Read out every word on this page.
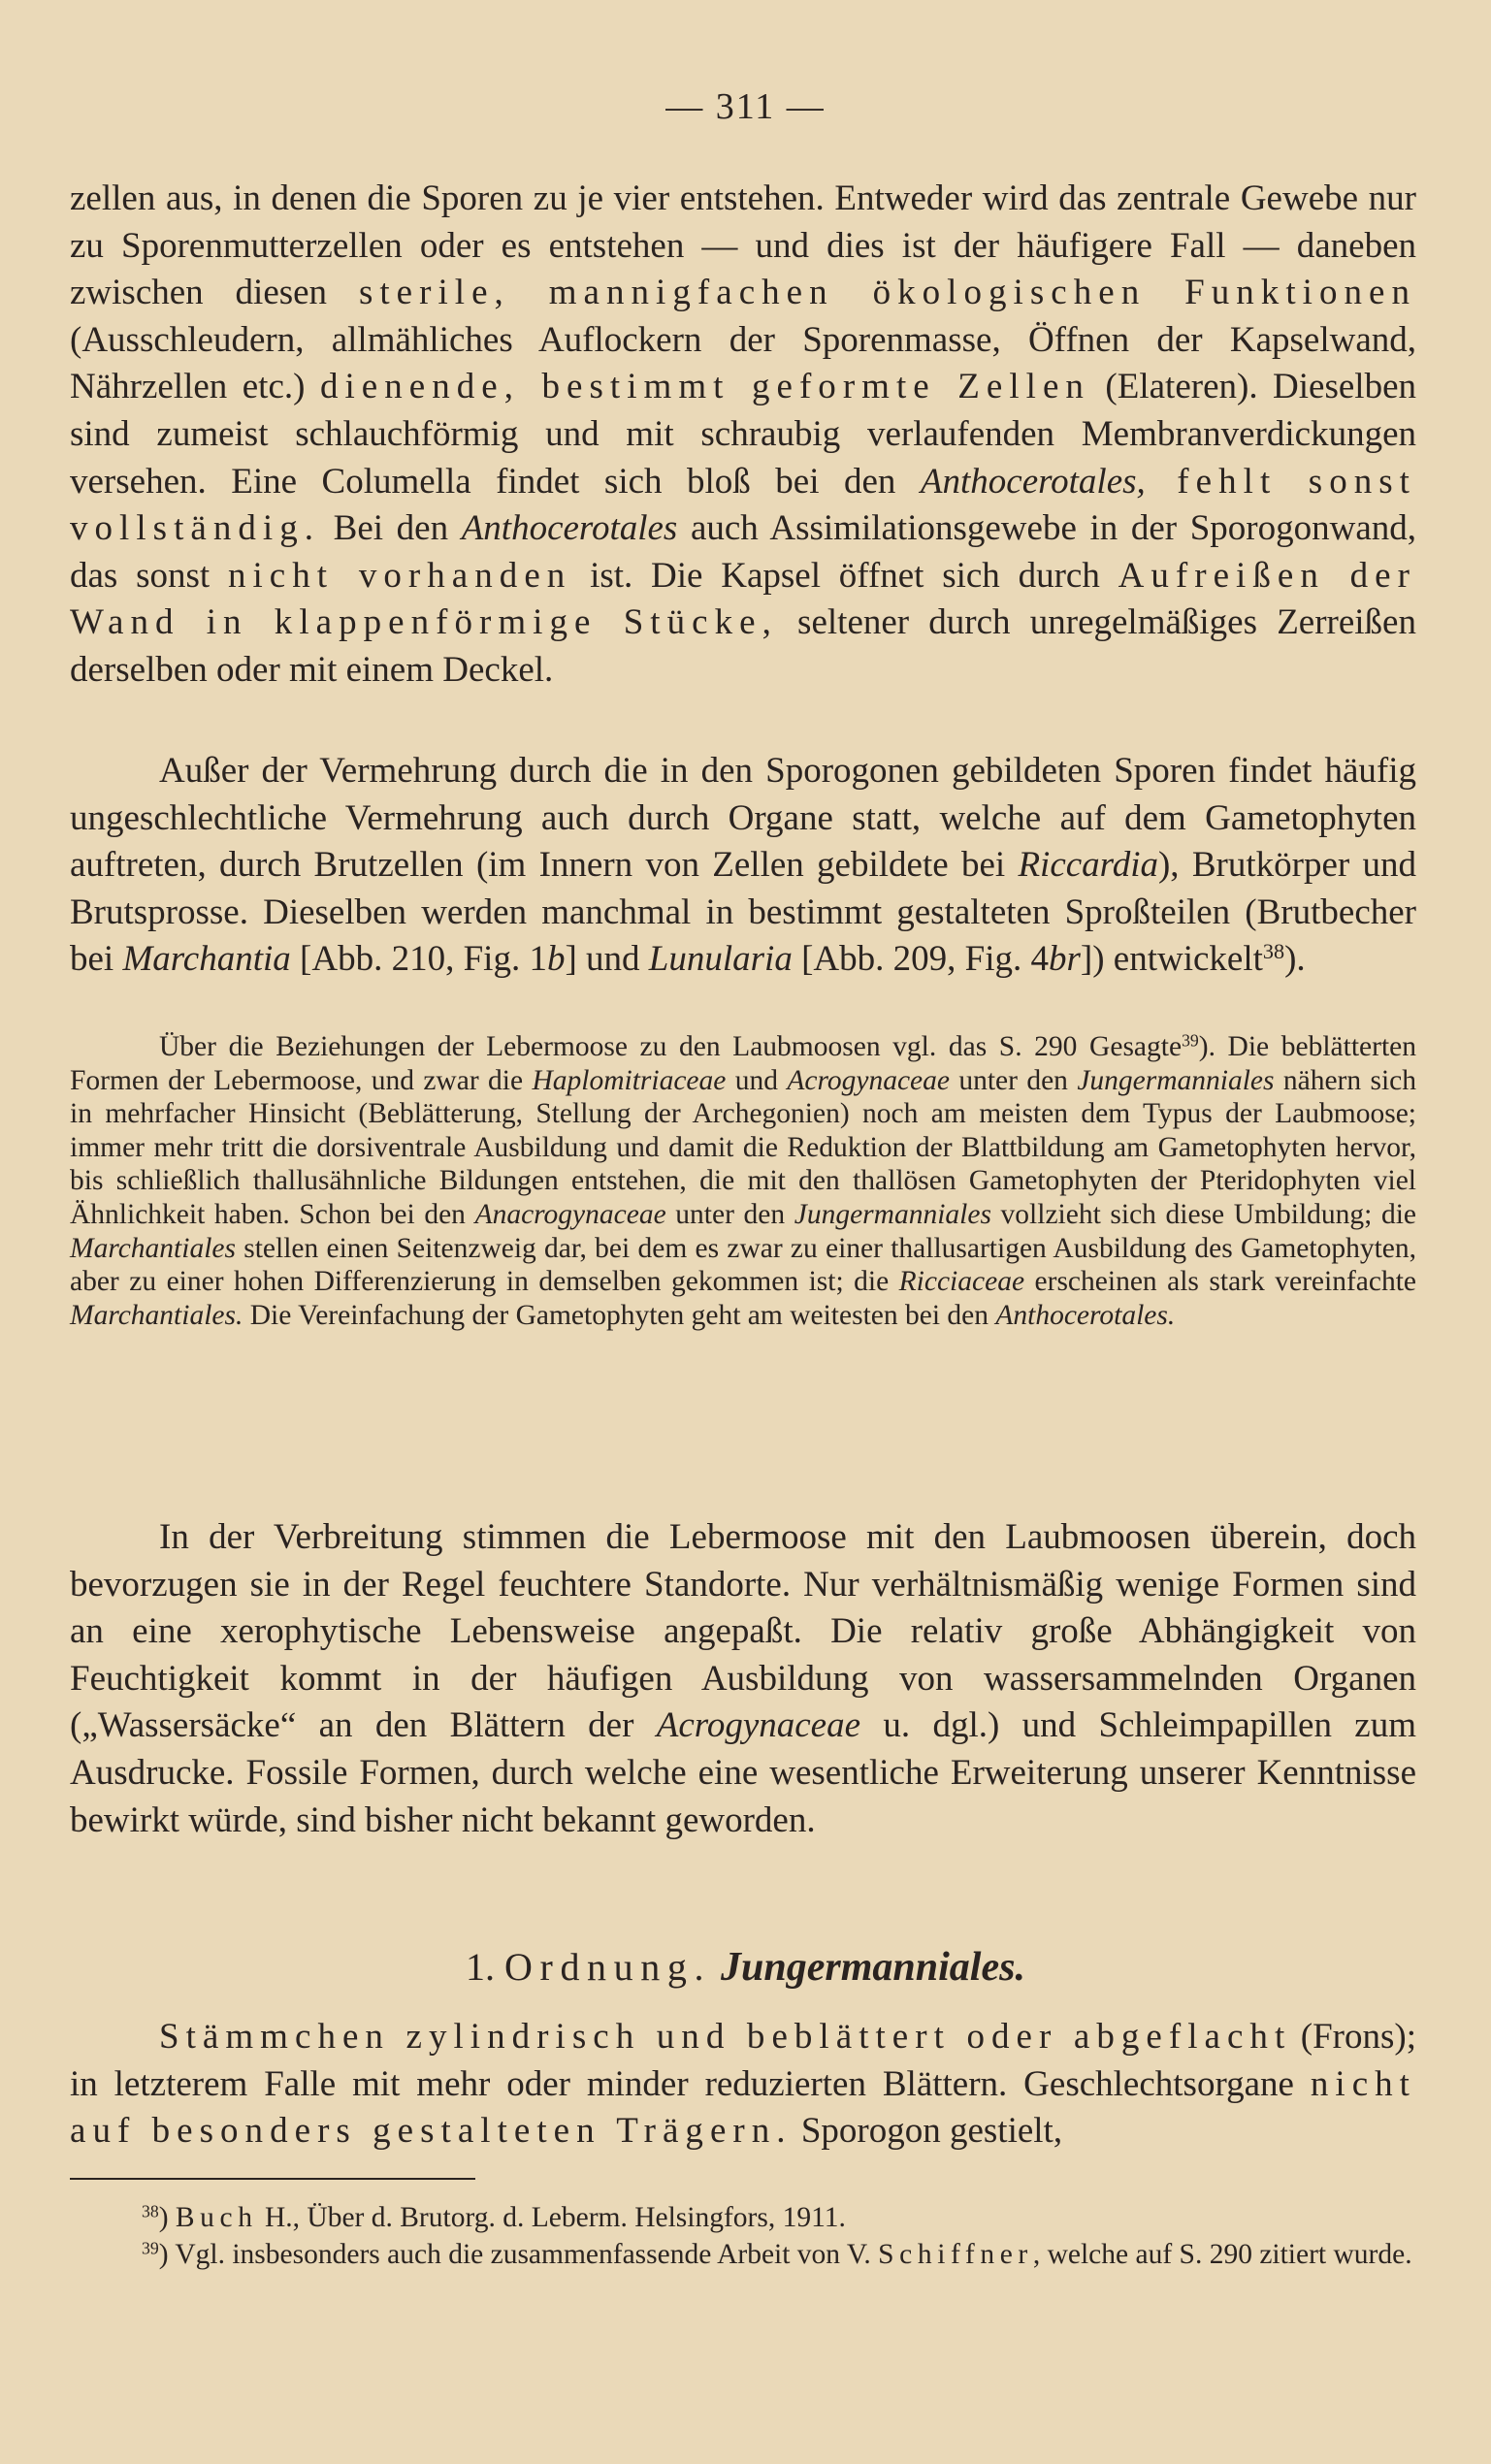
— 311 —

zellen aus, in denen die Sporen zu je vier entstehen. Entweder wird das zentrale Gewebe nur zu Sporenmutterzellen oder es entstehen — und dies ist der häufigere Fall — daneben zwischen diesen sterile, mannigfachen ökologischen Funktionen (Ausschleudern, allmähliches Auflockern der Sporenmasse, Öffnen der Kapselwand, Nährzellen etc.) dienende, bestimmt geformte Zellen (Elateren). Dieselben sind zumeist schlauchförmig und mit schraubig verlaufenden Membranverdickungen versehen. Eine Columella findet sich bloß bei den Anthocerotales, fehlt sonst vollständig. Bei den Anthocerotales auch Assimilationsgewebe in der Sporogonwand, das sonst nicht vorhanden ist. Die Kapsel öffnet sich durch Aufreißen der Wand in klappenförmige Stücke, seltener durch unregelmäßiges Zerreißen derselben oder mit einem Deckel.

Außer der Vermehrung durch die in den Sporogonen gebildeten Sporen findet häufig ungeschlechtliche Vermehrung auch durch Organe statt, welche auf dem Gametophyten auftreten, durch Brutzellen (im Innern von Zellen gebildete bei Riccardia), Brutkörper und Brutsprosse. Dieselben werden manchmal in bestimmt gestalteten Sproßteilen (Brutbecher bei Marchantia [Abb. 210, Fig. 1b] und Lunularia [Abb. 209, Fig. 4br]) entwickelt$^{38}$).

Über die Beziehungen der Lebermoose zu den Laubmoosen vgl. das S. 290 Gesagte$^{39}$). Die beblätterten Formen der Lebermoose, und zwar die Haplomitriaceae und Acrogynaceae unter den Jungermanniales nähern sich in mehrfacher Hinsicht (Beblätterung, Stellung der Archegonien) noch am meisten dem Typus der Laubmoose; immer mehr tritt die dorsiventrale Ausbildung und damit die Reduktion der Blattbildung am Gametophyten hervor, bis schließlich thallusähnliche Bildungen entstehen, die mit den thallösen Gametophyten der Pteridophyten viel Ähnlichkeit haben. Schon bei den Anacrogynaceae unter den Jungermanniales vollzieht sich diese Umbildung; die Marchantiales stellen einen Seitenzweig dar, bei dem es zwar zu einer thallusartigen Ausbildung des Gametophyten, aber zu einer hohen Differenzierung in demselben gekommen ist; die Ricciaceae erscheinen als stark vereinfachte Marchantiales. Die Vereinfachung der Gametophyten geht am weitesten bei den Anthocerotales.

In der Verbreitung stimmen die Lebermoose mit den Laubmoosen überein, doch bevorzugen sie in der Regel feuchtere Standorte. Nur verhältnismäßig wenige Formen sind an eine xerophytische Lebensweise angepaßt. Die relativ große Abhängigkeit von Feuchtigkeit kommt in der häufigen Ausbildung von wassersammelnden Organen („Wassersäcke“ an den Blättern der Acrogynaceae u. dgl.) und Schleimpapillen zum Ausdrucke. Fossile Formen, durch welche eine wesentliche Erweiterung unserer Kenntnisse bewirkt würde, sind bisher nicht bekannt geworden.

1. Ordnung. Jungermanniales.

Stämmchen zylindrisch und beblättert oder abgeflacht (Frons); in letzterem Falle mit mehr oder minder reduzierten Blättern. Geschlechtsorgane nicht auf besonders gestalteten Trägern. Sporogon gestielt,

$^{38}$) Buch H., Über d. Brutorg. d. Leberm. Helsingfors, 1911.
$^{39}$) Vgl. insbesonders auch die zusammenfassende Arbeit von V. Schiffner, welche auf S. 290 zitiert wurde.
